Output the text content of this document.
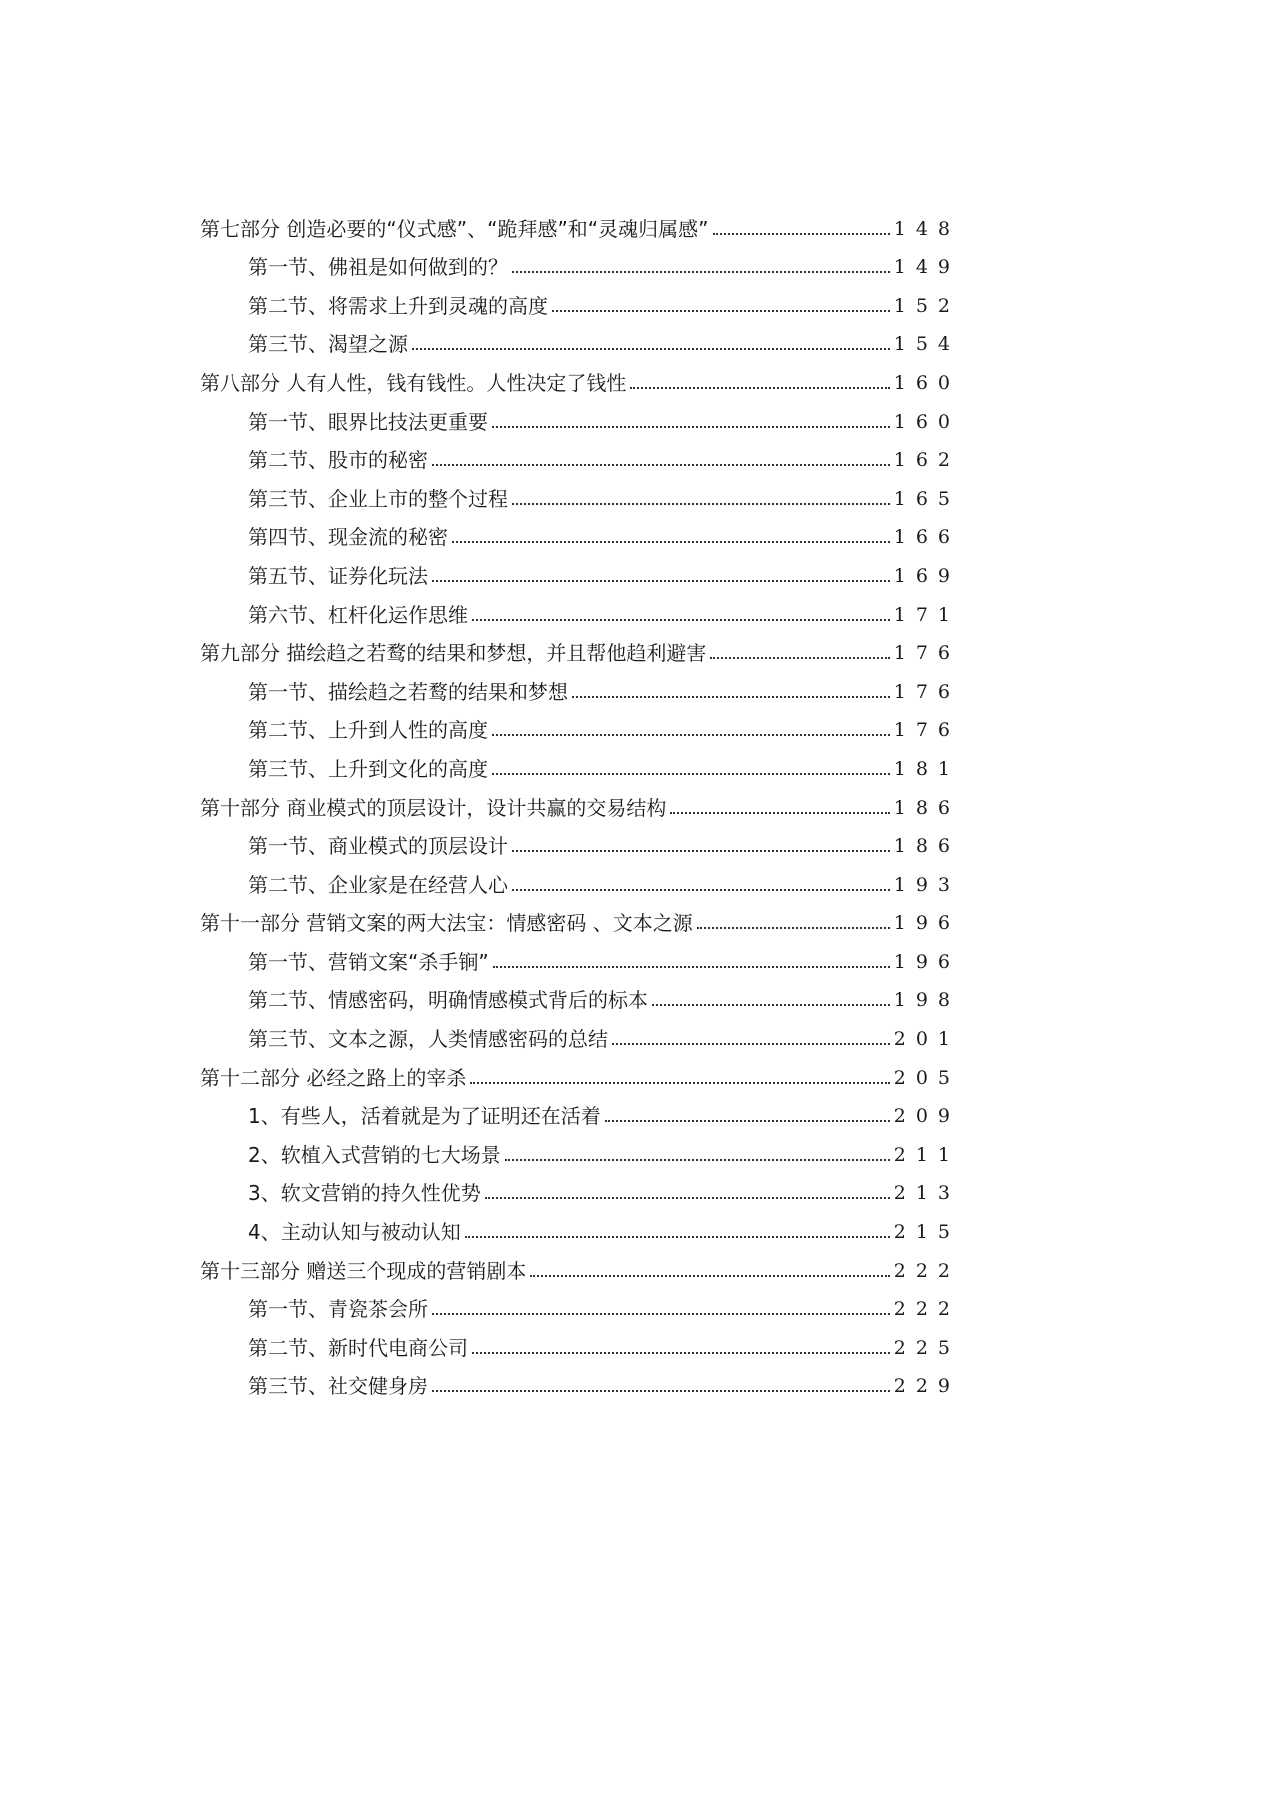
第七部分 创造必要的“仪式感”、“跪拜感”和“灵魂归属感”	148
第一节、佛祖是如何做到的？	149
第二节、将需求上升到灵魂的高度	152
第三节、渴望之源	154
第八部分 人有人性，钱有钱性。人性决定了钱性	160
第一节、眼界比技法更重要	160
第二节、股市的秘密	162
第三节、企业上市的整个过程	165
第四节、现金流的秘密	166
第五节、证券化玩法	169
第六节、杠杆化运作思维	171
第九部分 描绘趋之若鹜的结果和梦想，并且帮他趋利避害	176
第一节、描绘趋之若鹜的结果和梦想	176
第二节、上升到人性的高度	176
第三节、上升到文化的高度	181
第十部分 商业模式的顶层设计，设计共赢的交易结构	186
第一节、商业模式的顶层设计	186
第二节、企业家是在经营人心	193
第十一部分 营销文案的两大法宝：情感密码 、文本之源	196
第一节、营销文案“杀手锏”	196
第二节、情感密码，明确情感模式背后的标本	198
第三节、文本之源，人类情感密码的总结	201
第十二部分 必经之路上的宰杀	205
1、有些人，活着就是为了证明还在活着	209
2、软植入式营销的七大场景	211
3、软文营销的持久性优势	213
4、主动认知与被动认知	215
第十三部分 赠送三个现成的营销剧本	222
第一节、青瓷茶会所	222
第二节、新时代电商公司	225
第三节、社交健身房	229
